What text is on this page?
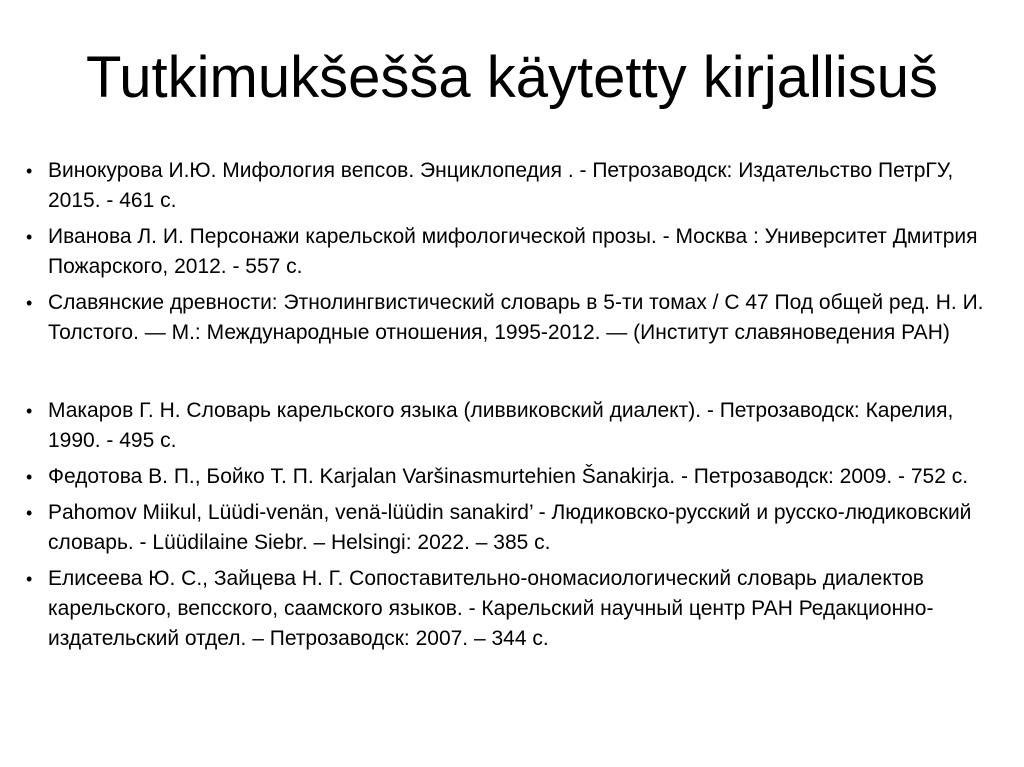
Tutkimukšeššа käytetty kirjallisuš
• Винокурова И.Ю. Мифология вепсов. Энциклопедия . - Петрозаводск: Издательство ПетрГУ, 2015. - 461 с.
• Иванова Л. И. Персонажи карельской мифологической прозы. - Москва : Университет Дмитрия Пожарского, 2012. - 557 с.
• Славянские древности: Этнолингвистический словарь в 5-ти томах / С 47 Под общей ред. Н. И. Толстого. — М.: Международные отношения, 1995-2012. — (Институт славяноведения РАН)
• Макаров Г. Н. Словарь карельского языка (ливвиковский диалект). - Петрозаводск: Карелия, 1990. - 495 с.
• Федотова В. П., Бойко Т. П. Karjalan Varšinasmurtehien Šanakirja. - Петрозаводск: 2009. - 752 с.
• Pahomov Miikul, Lüüdi-venän, venä-lüüdin sanakird’ - Людиковско-русский и русско-людиковский словарь. - Lüüdilaine Siebr. – Helsingi: 2022. – 385 с.
• Елисеева Ю. С., Зайцева Н. Г. Сопоставительно-ономасиологический словарь диалектов карельского, вепсского, саамского языков. - Карельский научный центр РАН Редакционно-издательский отдел. – Петрозаводск: 2007. – 344 с.
